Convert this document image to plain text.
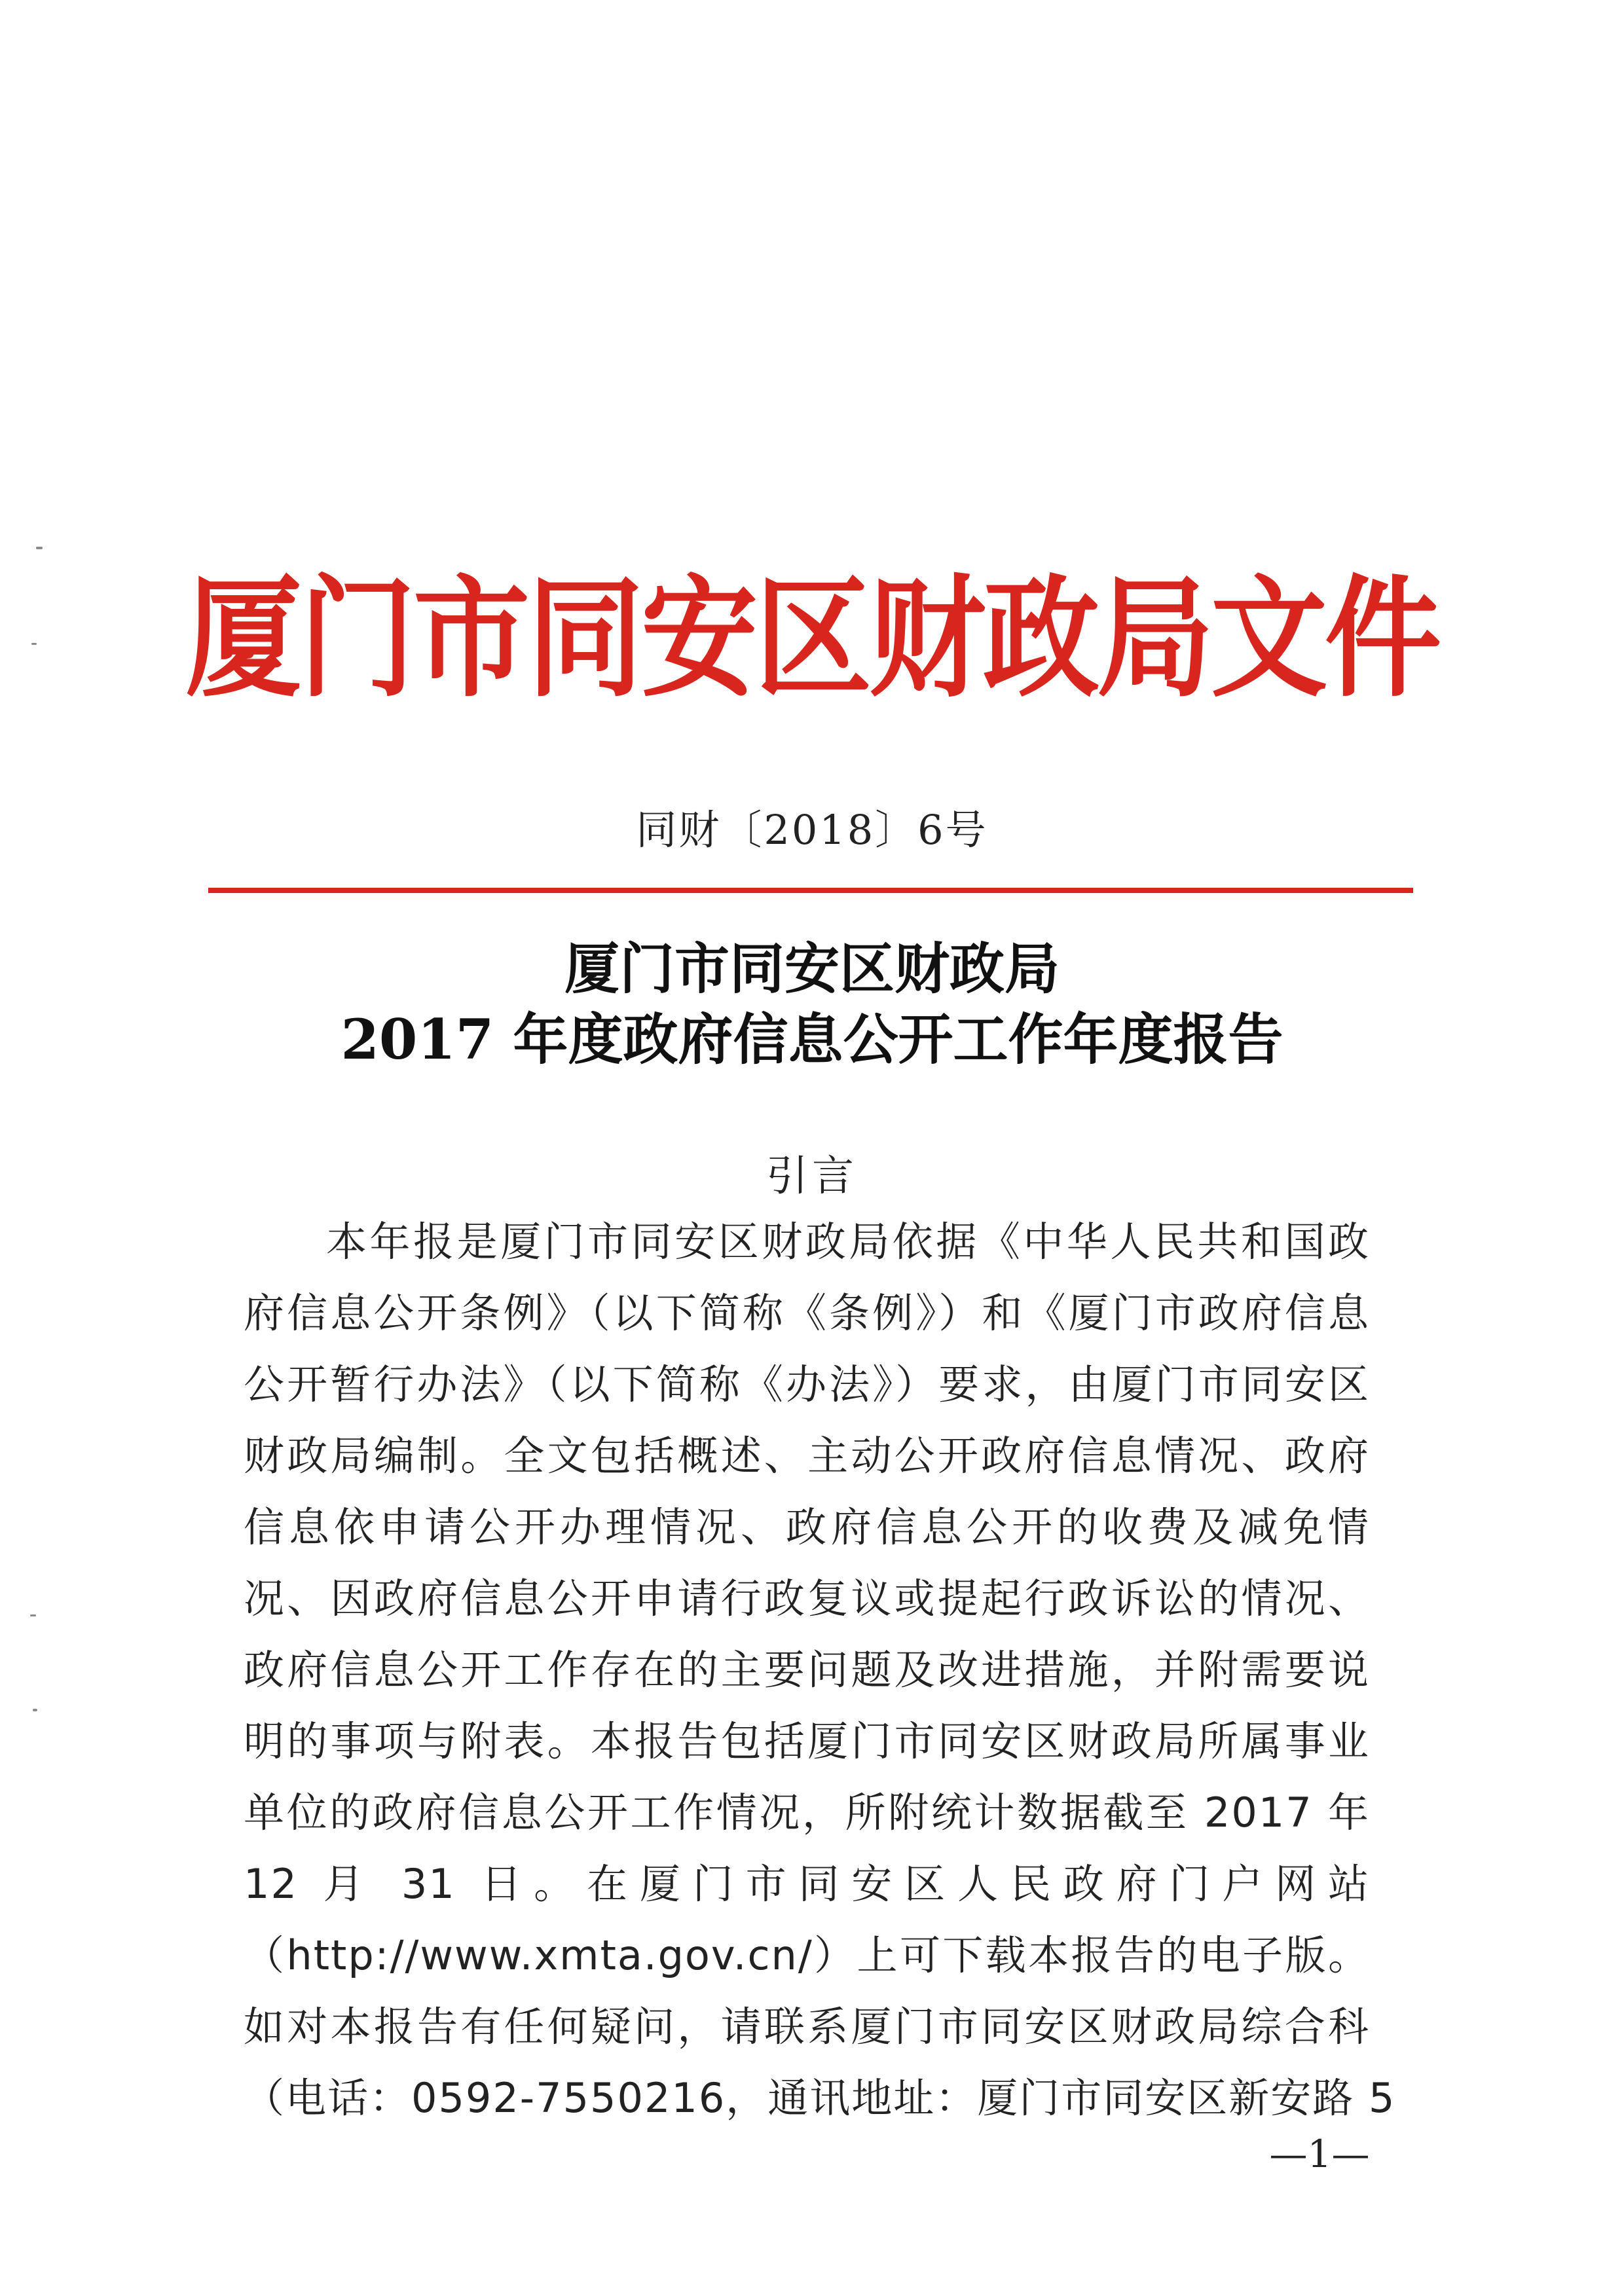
厦门市同安区财政局文件
同财〔2018〕6号
厦门市同安区财政局
2017 年度政府信息公开工作年度报告
引言
本年报是厦门市同安区财政局依据《中华人民共和国政
府信息公开条例》（以下简称《条例》）和《厦门市政府信息
公开暂行办法》（以下简称《办法》）要求，由厦门市同安区
财政局编制。全文包括概述、主动公开政府信息情况、政府
信息依申请公开办理情况、政府信息公开的收费及减免情
况、因政府信息公开申请行政复议或提起行政诉讼的情况、
政府信息公开工作存在的主要问题及改进措施，并附需要说
明的事项与附表。本报告包括厦门市同安区财政局所属事业
单位的政府信息公开工作情况，所附统计数据截至 2017 年
12 月 31 日。在厦门市同安区人民政府门户网站
（http://www.xmta.gov.cn/）上可下载本报告的电子版。
如对本报告有任何疑问，请联系厦门市同安区财政局综合科
（电话：0592-7550216，通讯地址：厦门市同安区新安路 5
—1—
